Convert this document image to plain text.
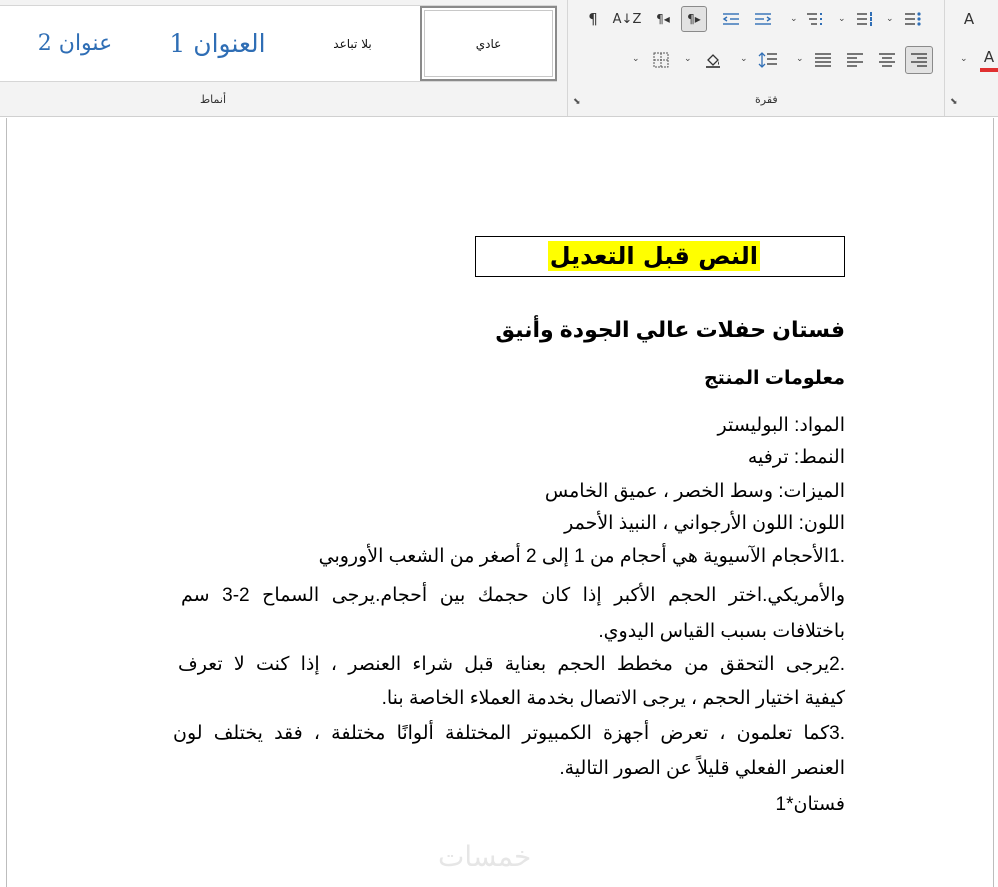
عنوان 2 العنوان 1	بلا تباعد	عادي
أنماط
¶ A↓Z ¶◂ ¶▸	⌄	⌄	⌄
⌄	⌄	⌄	⌄
فقرة
⬊	⬊
A
⌄ A
النص قبل التعديل
فستان حفلات عالي الجودة وأنيق
معلومات المنتج
المواد: البوليستر
النمط: ترفيه
الميزات: وسط الخصر ، عميق الخامس
اللون: اللون الأرجواني ، النبيذ الأحمر
.1الأحجام الآسيوية هي أحجام من 1 إلى 2 أصغر من الشعب الأوروبي
والأمريكي.اختر الحجم الأكبر إذا كان حجمك بين أحجام.يرجى السماح 2-3 سم
باختلافات بسبب القياس اليدوي.
.2يرجى التحقق من مخطط الحجم بعناية قبل شراء العنصر ، إذا كنت لا تعرف
كيفية اختيار الحجم ، يرجى الاتصال بخدمة العملاء الخاصة بنا.
.3كما تعلمون ، تعرض أجهزة الكمبيوتر المختلفة ألوانًا مختلفة ، فقد يختلف لون
العنصر الفعلي قليلاً عن الصور التالية.
فستان*1
خمسات
